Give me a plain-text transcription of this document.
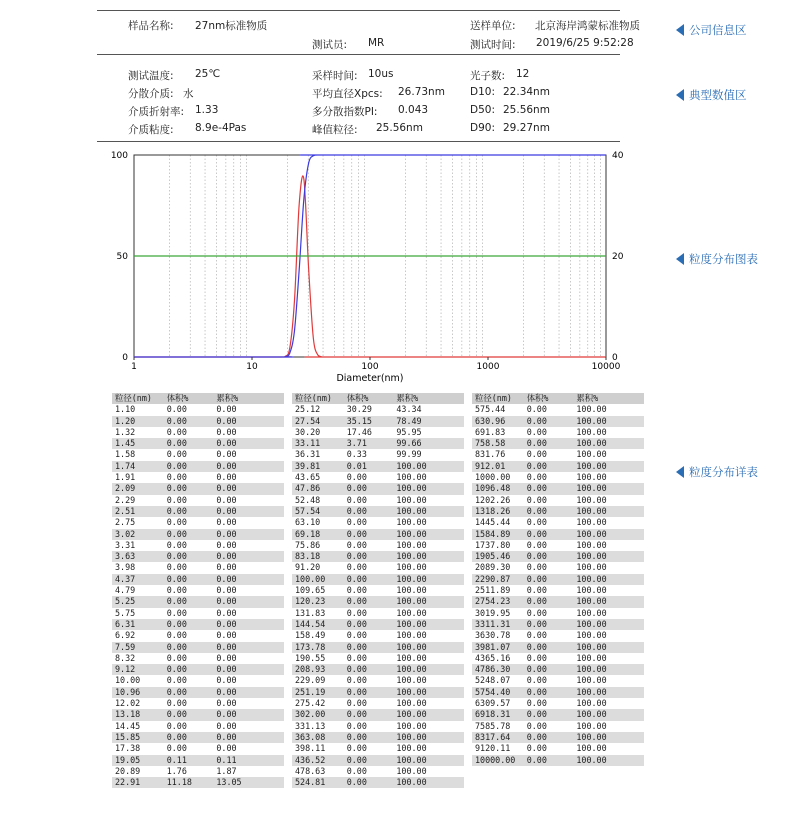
样品名称: 27nm标准物质
测试员: MR
送样单位: 北京海岸鸿蒙标准物质
测试时间: 2019/6/25 9:52:28
测试温度: 25℃
分散介质: 水
介质折射率: 1.33
介质粘度: 8.9e-4Pas
采样时间: 10us
平均直径Xpcs: 26.73nm
多分散指数PI: 0.043
峰值粒径: 25.56nm
光子数: 12
D10: 22.34nm
D50: 25.56nm
D90: 29.27nm
公司信息区
典型数值区
粒度分布图表
粒度分布详表
1	10	100	1000	10000
0
50
100
0
20
40
Diameter(nm)
粒径(nm)	体积%	累积%
1.10	0.00	0.00
1.20	0.00	0.00
1.32	0.00	0.00
1.45	0.00	0.00
1.58	0.00	0.00
1.74	0.00	0.00
1.91	0.00	0.00
2.09	0.00	0.00
2.29	0.00	0.00
2.51	0.00	0.00
2.75	0.00	0.00
3.02	0.00	0.00
3.31	0.00	0.00
3.63	0.00	0.00
3.98	0.00	0.00
4.37	0.00	0.00
4.79	0.00	0.00
5.25	0.00	0.00
5.75	0.00	0.00
6.31	0.00	0.00
6.92	0.00	0.00
7.59	0.00	0.00
8.32	0.00	0.00
9.12	0.00	0.00
10.00	0.00	0.00
10.96	0.00	0.00
12.02	0.00	0.00
13.18	0.00	0.00
14.45	0.00	0.00
15.85	0.00	0.00
17.38	0.00	0.00
19.05	0.11	0.11
20.89	1.76	1.87
22.91	11.18	13.05
粒径(nm)	体积%	累积%
25.12	30.29	43.34
27.54	35.15	78.49
30.20	17.46	95.95
33.11	3.71	99.66
36.31	0.33	99.99
39.81	0.01	100.00
43.65	0.00	100.00
47.86	0.00	100.00
52.48	0.00	100.00
57.54	0.00	100.00
63.10	0.00	100.00
69.18	0.00	100.00
75.86	0.00	100.00
83.18	0.00	100.00
91.20	0.00	100.00
100.00	0.00	100.00
109.65	0.00	100.00
120.23	0.00	100.00
131.83	0.00	100.00
144.54	0.00	100.00
158.49	0.00	100.00
173.78	0.00	100.00
190.55	0.00	100.00
208.93	0.00	100.00
229.09	0.00	100.00
251.19	0.00	100.00
275.42	0.00	100.00
302.00	0.00	100.00
331.13	0.00	100.00
363.08	0.00	100.00
398.11	0.00	100.00
436.52	0.00	100.00
478.63	0.00	100.00
524.81	0.00	100.00
粒径(nm)	体积%	累积%
575.44	0.00	100.00
630.96	0.00	100.00
691.83	0.00	100.00
758.58	0.00	100.00
831.76	0.00	100.00
912.01	0.00	100.00
1000.00	0.00	100.00
1096.48	0.00	100.00
1202.26	0.00	100.00
1318.26	0.00	100.00
1445.44	0.00	100.00
1584.89	0.00	100.00
1737.80	0.00	100.00
1905.46	0.00	100.00
2089.30	0.00	100.00
2290.87	0.00	100.00
2511.89	0.00	100.00
2754.23	0.00	100.00
3019.95	0.00	100.00
3311.31	0.00	100.00
3630.78	0.00	100.00
3981.07	0.00	100.00
4365.16	0.00	100.00
4786.30	0.00	100.00
5248.07	0.00	100.00
5754.40	0.00	100.00
6309.57	0.00	100.00
6918.31	0.00	100.00
7585.78	0.00	100.00
8317.64	0.00	100.00
9120.11	0.00	100.00
10000.00	0.00	100.00
